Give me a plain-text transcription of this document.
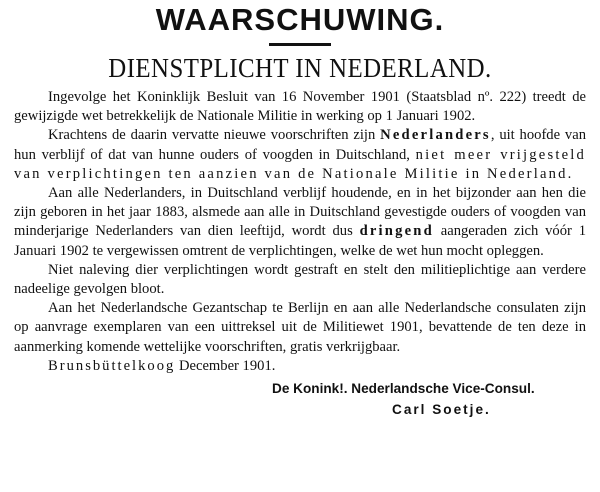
WAARSCHUWING.
DIENSTPLICHT IN NEDERLAND.

Ingevolge het Koninklijk Besluit van 16 November 1901 (Staatsblad nº. 222) treedt de gewijzigde wet betrekkelijk de Nationale Militie in werking op 1 Januari 1902.

Krachtens de daarin vervatte nieuwe voorschriften zijn Nederlanders, uit hoofde van hun verblijf of dat van hunne ouders of voogden in Duitschland, niet meer vrijgesteld van verplichtingen ten aanzien van de Nationale Militie in Nederland.

Aan alle Nederlanders, in Duitschland verblijf houdende, en in het bijzonder aan hen die zijn geboren in het jaar 1883, alsmede aan alle in Duitschland gevestigde ouders of voogden van minderjarige Nederlanders van dien leeftijd, wordt dus dringend aangeraden zich vóór 1 Januari 1902 te vergewissen omtrent de verplichtingen, welke de wet hun mocht opleggen.

Niet naleving dier verplichtingen wordt gestraft en stelt den militieplichtige aan verdere nadeelige gevolgen bloot.

Aan het Nederlandsche Gezantschap te Berlijn en aan alle Nederlandsche consulaten zijn op aanvrage exemplaren van een uittreksel uit de Militiewet 1901, bevattende de ten deze in aanmerking komende wettelijke voorschriften, gratis verkrijgbaar.

Brunsbüttelkoog December 1901.

De Konink!. Nederlandsche Vice-Consul.
Carl Soetje.
